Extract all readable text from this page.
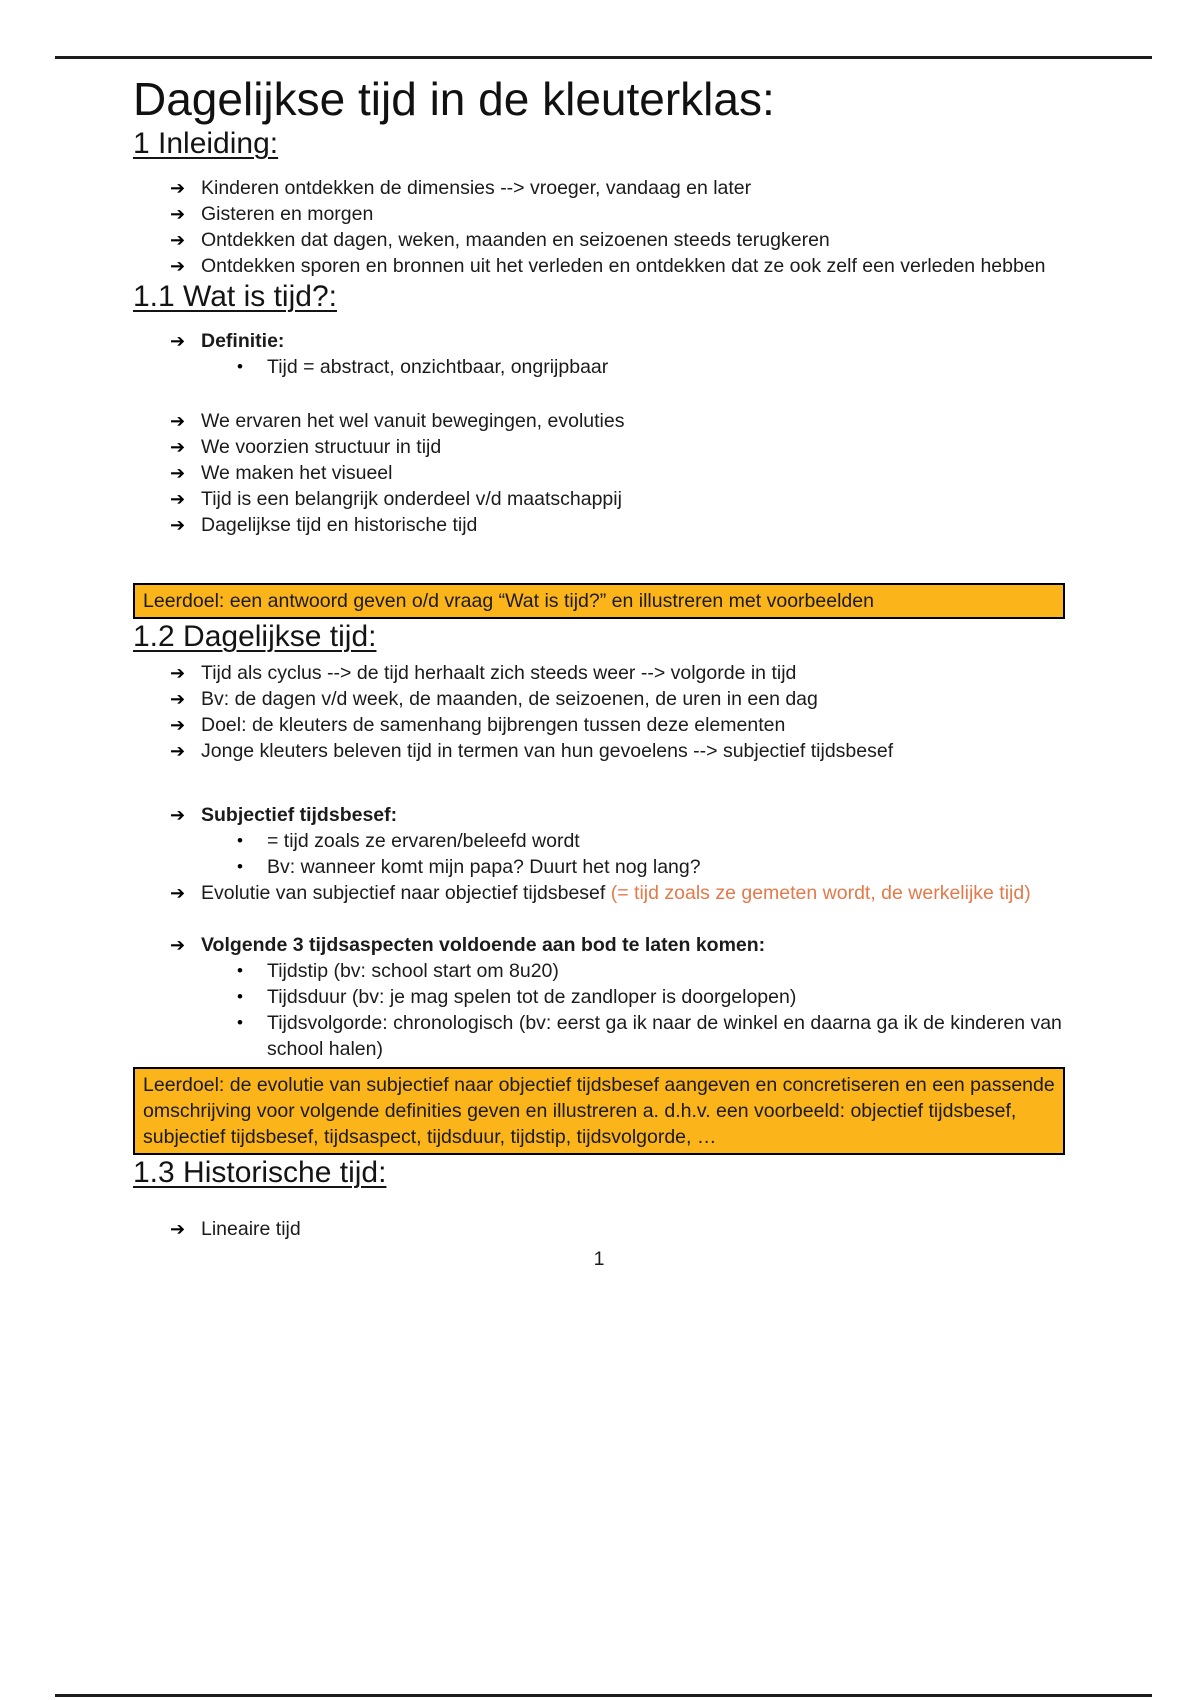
Dagelijkse tijd in de kleuterklas:
1 Inleiding:
➔ Kinderen ontdekken de dimensies --> vroeger, vandaag en later
➔ Gisteren en morgen
➔ Ontdekken dat dagen, weken, maanden en seizoenen steeds terugkeren
➔ Ontdekken sporen en bronnen uit het verleden en ontdekken dat ze ook zelf een verleden hebben
1.1 Wat is tijd?:
➔ Definitie:
•	Tijd = abstract, onzichtbaar, ongrijpbaar
➔ We ervaren het wel vanuit bewegingen, evoluties
➔ We voorzien structuur in tijd
➔ We maken het visueel
➔ Tijd is een belangrijk onderdeel v/d maatschappij
➔ Dagelijkse tijd en historische tijd
Leerdoel: een antwoord geven o/d vraag “Wat is tijd?” en illustreren met voorbeelden
1.2 Dagelijkse tijd:
➔ Tijd als cyclus --> de tijd herhaalt zich steeds weer --> volgorde in tijd
➔ Bv: de dagen v/d week, de maanden, de seizoenen, de uren in een dag
➔ Doel: de kleuters de samenhang bijbrengen tussen deze elementen
➔ Jonge kleuters beleven tijd in termen van hun gevoelens --> subjectief tijdsbesef
➔ Subjectief tijdsbesef:
•	= tijd zoals ze ervaren/beleefd wordt
•	Bv: wanneer komt mijn papa? Duurt het nog lang?
➔ Evolutie van subjectief naar objectief tijdsbesef (= tijd zoals ze gemeten wordt, de werkelijke tijd)
➔ Volgende 3 tijdsaspecten voldoende aan bod te laten komen:
•	Tijdstip (bv: school start om 8u20)
•	Tijdsduur (bv: je mag spelen tot de zandloper is doorgelopen)
•	Tijdsvolgorde: chronologisch (bv: eerst ga ik naar de winkel en daarna ga ik de kinderen van school halen)
Leerdoel: de evolutie van subjectief naar objectief tijdsbesef aangeven en concretiseren en een passende omschrijving voor volgende definities geven en illustreren a. d.h.v. een voorbeeld: objectief tijdsbesef, subjectief tijdsbesef, tijdsaspect, tijdsduur, tijdstip, tijdsvolgorde, …
1.3 Historische tijd:
➔ Lineaire tijd
1
